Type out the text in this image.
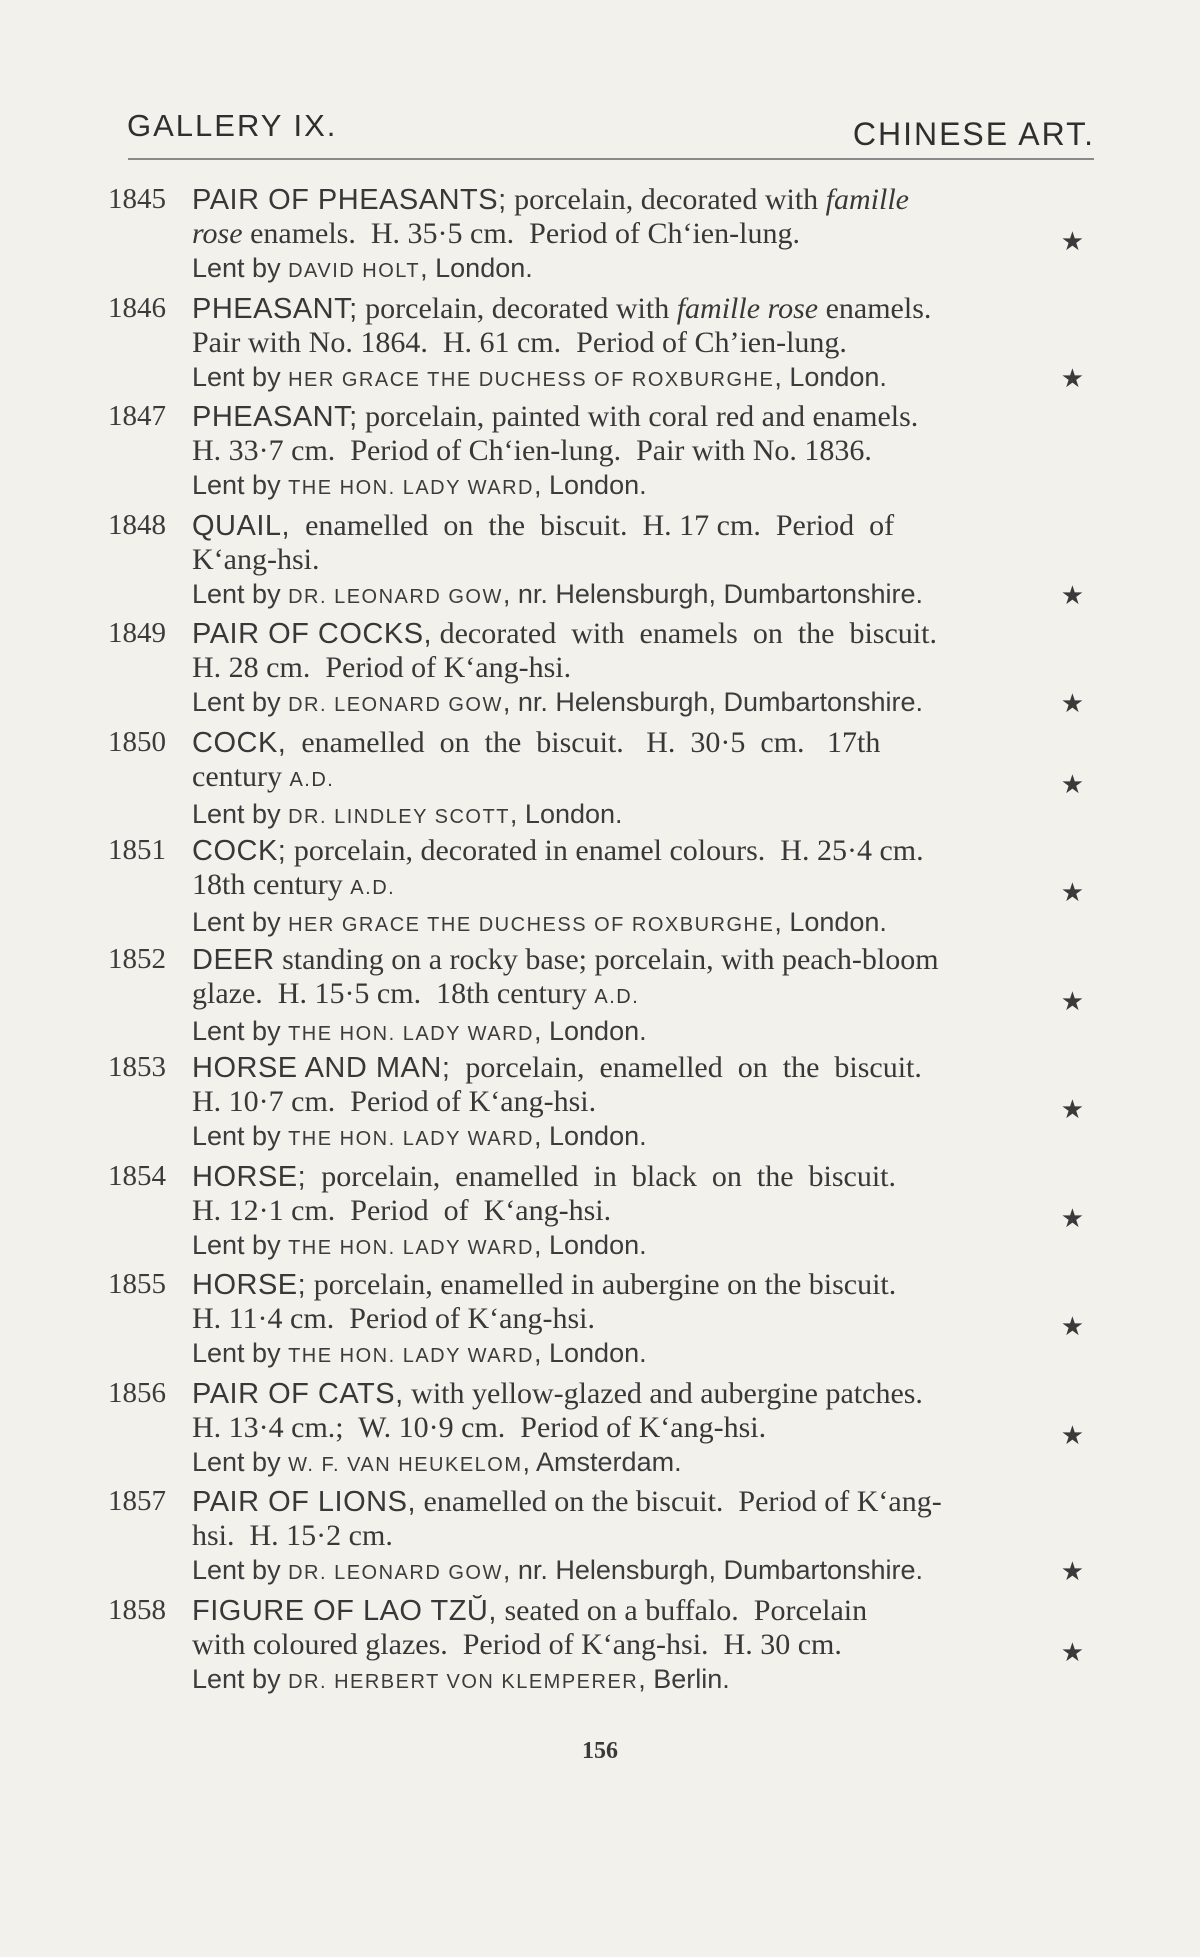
GALLERY IX.	CHINESE ART.
1845 PAIR OF PHEASANTS; porcelain, decorated with famille
rose enamels.  H. 35·5 cm.  Period of Ch‘ien-lung.
Lent by DAVID HOLT, London.
★
1846 PHEASANT; porcelain, decorated with famille rose enamels.
Pair with No. 1864.  H. 61 cm.  Period of Ch’ien-lung.
Lent by HER GRACE THE DUCHESS OF ROXBURGHE, London.	★
1847 PHEASANT; porcelain, painted with coral red and enamels.
H. 33·7 cm.  Period of Ch‘ien-lung.  Pair with No. 1836.
Lent by THE HON. LADY WARD, London.
1848 QUAIL,  enamelled  on  the  biscuit.  H. 17 cm.  Period  of
K‘ang-hsi.
Lent by DR. LEONARD GOW, nr. Helensburgh, Dumbartonshire.	★
1849 PAIR OF COCKS, decorated  with  enamels  on  the  biscuit.
H. 28 cm.  Period of K‘ang-hsi.
Lent by DR. LEONARD GOW, nr. Helensburgh, Dumbartonshire.	★
1850 COCK,  enamelled  on  the  biscuit.   H.  30·5  cm.   17th
century A.D.
Lent by DR. LINDLEY SCOTT, London.
★
1851 COCK; porcelain, decorated in enamel colours.  H. 25·4 cm.
18th century A.D.
Lent by HER GRACE THE DUCHESS OF ROXBURGHE, London.
★
1852 DEER standing on a rocky base; porcelain, with peach-bloom
glaze.  H. 15·5 cm.  18th century A.D.
Lent by THE HON. LADY WARD, London.
★
1853 HORSE AND MAN;  porcelain,  enamelled  on  the  biscuit.
H. 10·7 cm.  Period of K‘ang-hsi.
Lent by THE HON. LADY WARD, London.
★
1854 HORSE;  porcelain,  enamelled  in  black  on  the  biscuit.
H. 12·1 cm.  Period  of  K‘ang-hsi.
Lent by THE HON. LADY WARD, London.
★
1855 HORSE; porcelain, enamelled in aubergine on the biscuit.
H. 11·4 cm.  Period of K‘ang-hsi.
Lent by THE HON. LADY WARD, London.
★
1856 PAIR OF CATS, with yellow-glazed and aubergine patches.
H. 13·4 cm.;  W. 10·9 cm.  Period of K‘ang-hsi.
Lent by W. F. VAN HEUKELOM, Amsterdam.
★
1857 PAIR OF LIONS, enamelled on the biscuit.  Period of K‘ang-
hsi.  H. 15·2 cm.
Lent by DR. LEONARD GOW, nr. Helensburgh, Dumbartonshire.	★
1858 FIGURE OF LAO TZŬ, seated on a buffalo.  Porcelain
with coloured glazes.  Period of K‘ang-hsi.  H. 30 cm.
Lent by DR. HERBERT VON KLEMPERER, Berlin.
★
156
